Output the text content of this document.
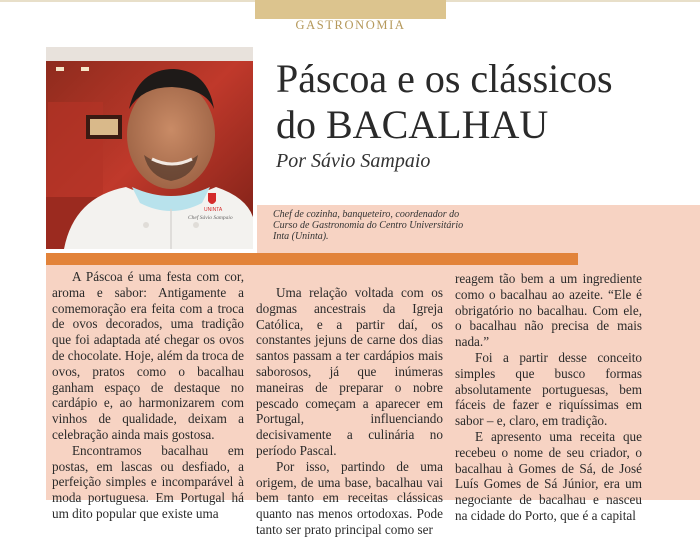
GASTRONOMIA
UNINTA
Chef Sávio Sampaio
Páscoa e os clássicos
do BACALHAU
Por Sávio Sampaio
Chef de cozinha, banqueteiro, coordenador do Curso de Gastronomia do Centro Universitário Inta (Uninta).

A Páscoa é uma festa com cor, aroma e sabor: Antigamente a comemoração era feita com a troca de ovos decorados, uma tradição que foi adaptada até chegar os ovos de chocolate. Hoje, além da troca de ovos, pratos como o bacalhau ganham espaço de destaque no cardápio e, ao harmonizarem com vinhos de qualidade, deixam a celebração ainda mais gostosa.

Encontramos bacalhau em postas, em lascas ou desfiado, a perfeição simples e incomparável à moda portuguesa. Em Portugal há um dito popular que existe uma

Uma relação voltada com os dogmas ancestrais da Igreja Católica, e a partir daí, os constantes jejuns de carne dos dias santos passam a ter cardápios mais saborosos, já que inúmeras maneiras de preparar o nobre pescado começam a aparecer em Portugal, influenciando decisivamente a culinária no período Pascal.

Por isso, partindo de uma origem, de uma base, bacalhau vai bem tanto em receitas clássicas quanto nas menos ortodoxas. Pode tanto ser prato principal como ser

reagem tão bem a um ingrediente como o bacalhau ao azeite. “Ele é obrigatório no bacalhau. Com ele, o bacalhau não precisa de mais nada.”

Foi a partir desse conceito simples que busco formas absolutamente portuguesas, bem fáceis de fazer e riquíssimas em sabor – e, claro, em tradição.

E apresento uma receita que recebeu o nome de seu criador, o bacalhau à Gomes de Sá, de José Luís Gomes de Sá Júnior, era um negociante de bacalhau e nasceu na cidade do Porto, que é a capital
